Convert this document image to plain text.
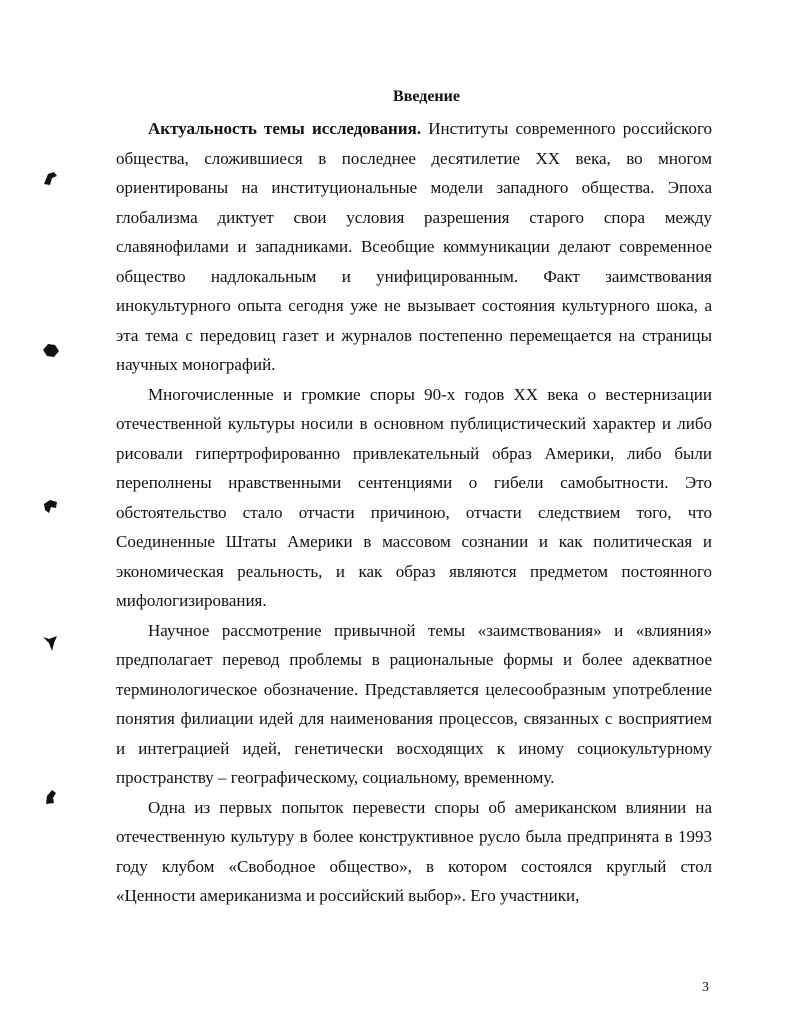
Введение

Актуальность темы исследования. Институты современного российского общества, сложившиеся в последнее десятилетие XX века, во многом ориентированы на институциональные модели западного общества. Эпоха глобализма диктует свои условия разрешения старого спора между славянофилами и западниками. Всеобщие коммуникации делают современное общество надлокальным и унифицированным. Факт заимствования инокультурного опыта сегодня уже не вызывает состояния культурного шока, а эта тема с передовиц газет и журналов постепенно перемещается на страницы научных монографий.

Многочисленные и громкие споры 90-х годов XX века о вестернизации отечественной культуры носили в основном публицистический характер и либо рисовали гипертрофированно привлекательный образ Америки, либо были переполнены нравственными сентенциями о гибели самобытности. Это обстоятельство стало отчасти причиною, отчасти следствием того, что Соединенные Штаты Америки в массовом сознании и как политическая и экономическая реальность, и как образ являются предметом постоянного мифологизирования.

Научное рассмотрение привычной темы «заимствования» и «влияния» предполагает перевод проблемы в рациональные формы и более адекватное терминологическое обозначение. Представляется целесообразным употребление понятия филиации идей для наименования процессов, связанных с восприятием и интеграцией идей, генетически восходящих к иному социокультурному пространству – географическому, социальному, временному.

Одна из первых попыток перевести споры об американском влиянии на отечественную культуру в более конструктивное русло была предпринята в 1993 году клубом «Свободное общество», в котором состоялся круглый стол «Ценности американизма и российский выбор». Его участники,

3
